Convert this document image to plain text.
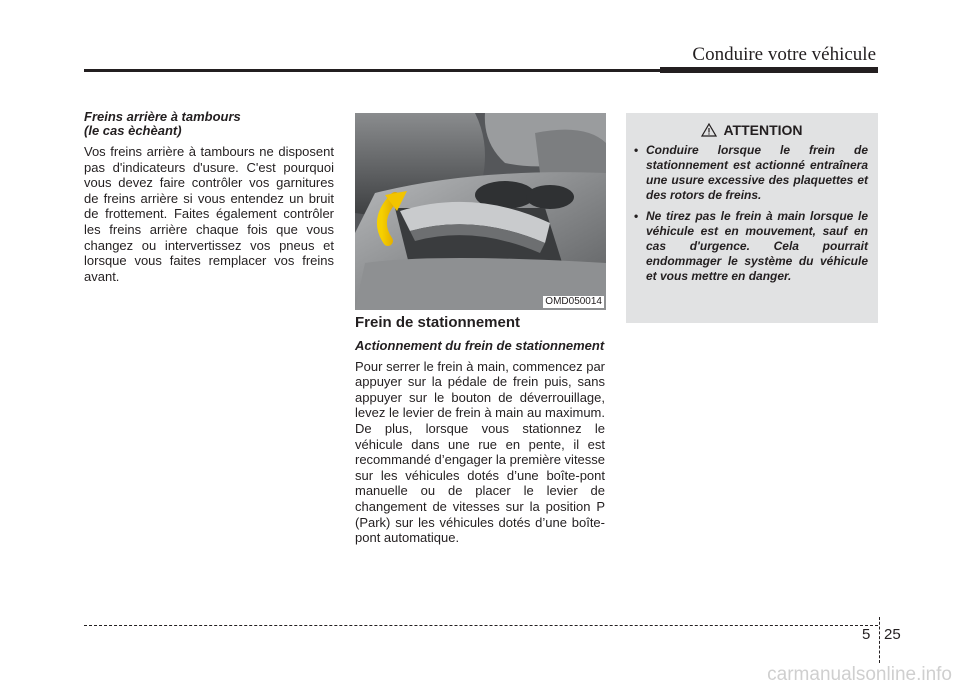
Conduire votre véhicule

Freins arrière à tambours
(le cas èchèant)

Vos freins arrière à tambours ne disposent pas d'indicateurs d'usure. C'est pourquoi vous devez faire contrôler vos garnitures de freins arrière si vous entendez un bruit de frottement. Faites également contrôler les freins arrière chaque fois que vous changez ou intervertissez vos pneus et lorsque vous faites remplacer vos freins avant.

OMD050014

Frein de stationnement

Actionnement du frein de stationnement

Pour serrer le frein à main, commencez par appuyer sur la pédale de frein puis, sans appuyer sur le bouton de déverrouillage, levez le levier de frein à main au maximum. De plus, lorsque vous stationnez le véhicule dans une rue en pente, il est recommandé d’engager la première vitesse sur les véhicules dotés d’une boîte-pont manuelle ou de placer le levier de changement de vitesses sur la position P (Park) sur les véhicules dotés d’une boîte-pont automatique.

ATTENTION
• Conduire lorsque le frein de stationnement est actionné entraînera une usure excessive des plaquettes et des rotors de freins.
• Ne tirez pas le frein à main lorsque le véhicule est en mouvement, sauf en cas d'urgence. Cela pourrait endommager le système du véhicule et vous mettre en danger.
5 25
carmanualsonline.info
